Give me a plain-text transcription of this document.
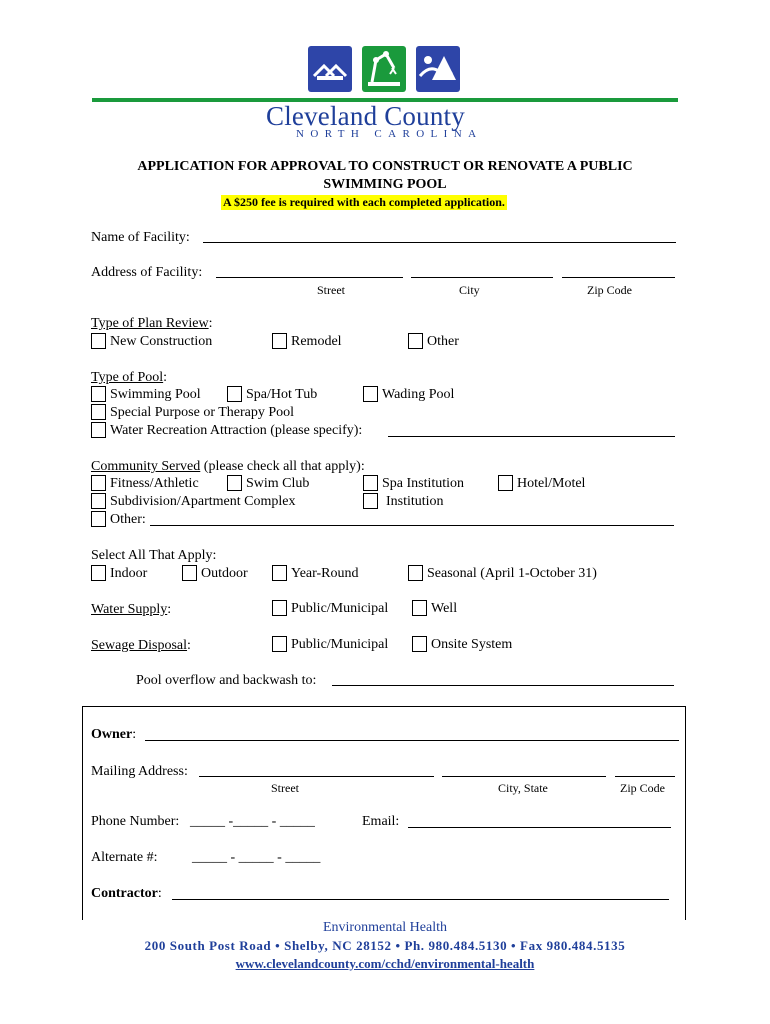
Cleveland County
NORTH CAROLINA
APPLICATION FOR APPROVAL TO CONSTRUCT OR RENOVATE A PUBLIC
SWIMMING POOL
A $250 fee is required with each completed application.
Name of Facility:
Address of Facility:
Street	City	Zip Code
Type of Plan Review:
New Construction	Remodel	Other
Type of Pool:
Swimming Pool	Spa/Hot Tub	Wading Pool
Special Purpose or Therapy Pool
Water Recreation Attraction (please specify):
Community Served (please check all that apply):
Fitness/Athletic	Swim Club	Spa Institution	Hotel/Motel
Subdivision/Apartment Complex	Institution
Other:
Select All That Apply:
Indoor	Outdoor	Year-Round	Seasonal (April 1-October 31)
Water Supply:	Public/Municipal	Well
Sewage Disposal:	Public/Municipal	Onsite System
Pool overflow and backwash to:
Owner:
Mailing Address:
Street	City, State	Zip Code
Phone Number: _____ -_____ - _____	Email:
Alternate #: _____ - _____ - _____
Contractor:
Environmental Health
200 South Post Road • Shelby, NC 28152 • Ph. 980.484.5130 • Fax 980.484.5135
www.clevelandcounty.com/cchd/environmental-health
